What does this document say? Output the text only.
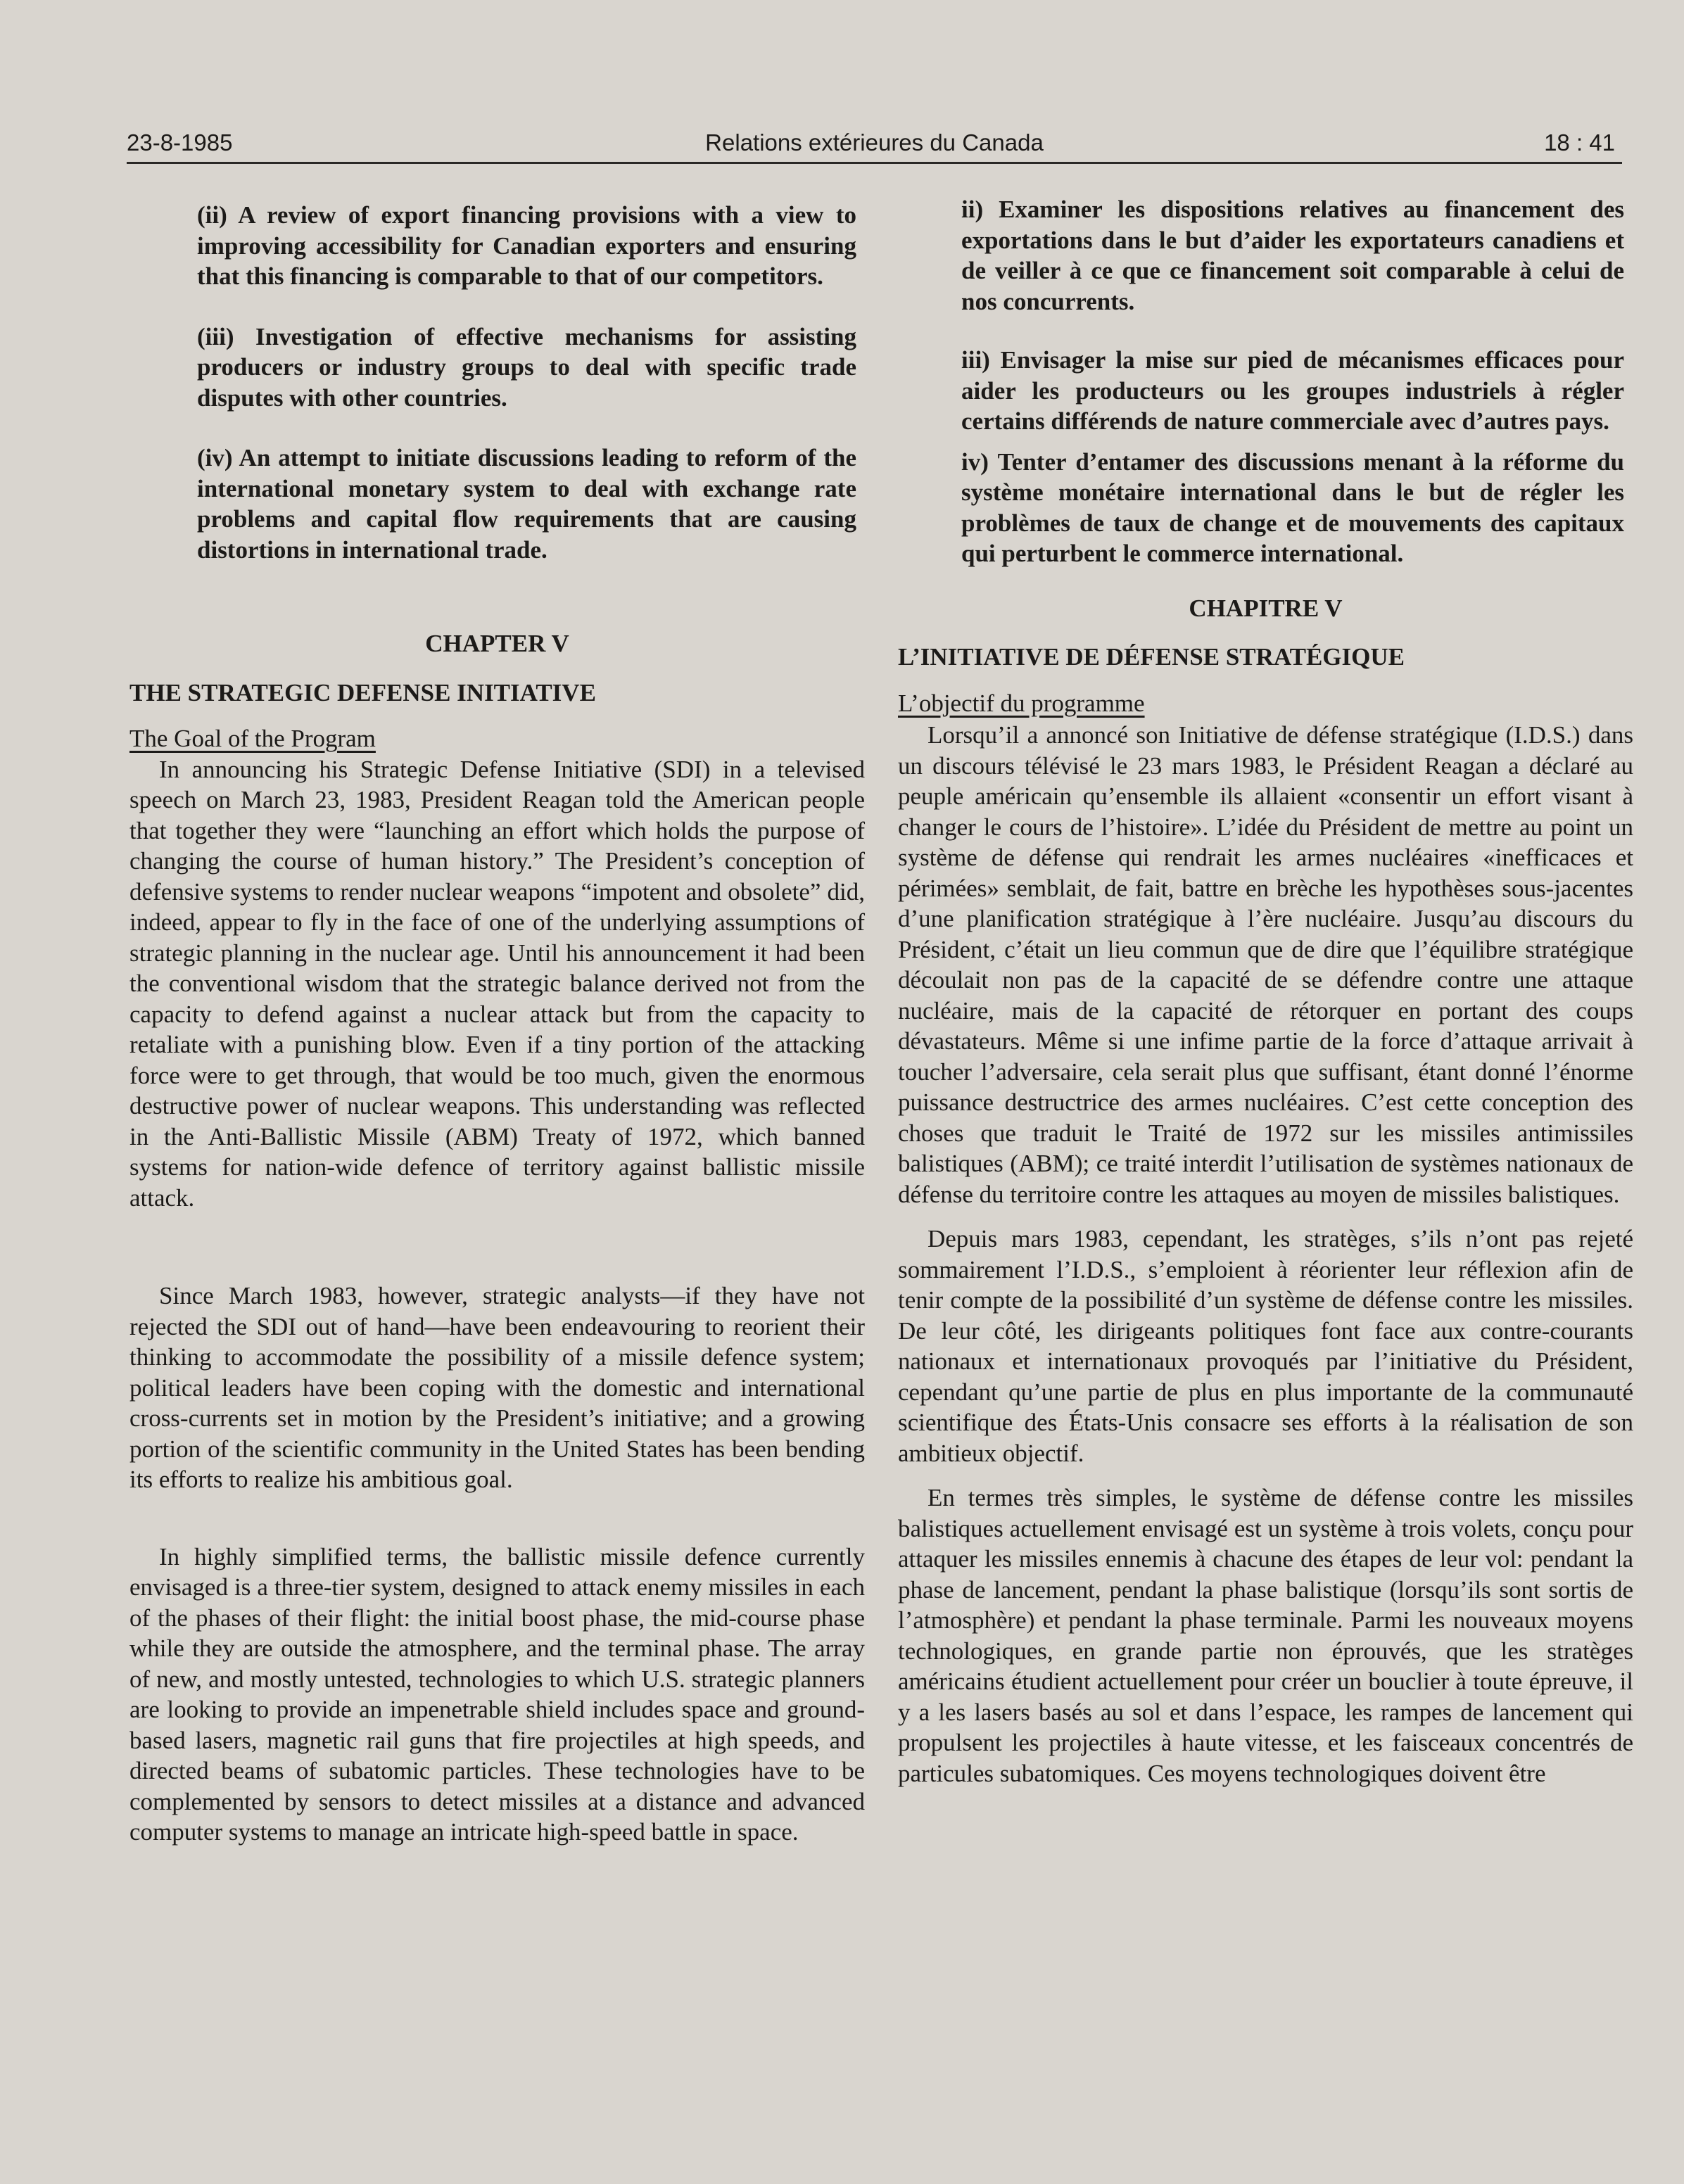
23-8-1985	Relations extérieures du Canada	18 : 41
(ii) A review of export financing provisions with a view to improving accessibility for Canadian exporters and ensuring that this financing is comparable to that of our competitors.
(iii) Investigation of effective mechanisms for assisting producers or industry groups to deal with specific trade disputes with other countries.
(iv) An attempt to initiate discussions leading to reform of the international monetary system to deal with exchange rate problems and capital flow requirements that are causing distortions in international trade.
CHAPTER V
THE STRATEGIC DEFENSE INITIATIVE
The Goal of the Program

In announcing his Strategic Defense Initiative (SDI) in a televised speech on March 23, 1983, President Reagan told the American people that together they were “launching an effort which holds the purpose of changing the course of human history.” The President’s conception of defensive systems to render nuclear weapons “impotent and obsolete” did, indeed, appear to fly in the face of one of the underlying assumptions of strategic planning in the nuclear age. Until his announcement it had been the conventional wisdom that the strategic balance derived not from the capacity to defend against a nuclear attack but from the capacity to retaliate with a punishing blow. Even if a tiny portion of the attacking force were to get through, that would be too much, given the enormous destructive power of nuclear weapons. This understanding was reflected in the Anti-Ballistic Missile (ABM) Treaty of 1972, which banned systems for nation-wide defence of territory against ballistic missile attack.

Since March 1983, however, strategic analysts—if they have not rejected the SDI out of hand—have been endeavouring to reorient their thinking to accommodate the possibility of a missile defence system; political leaders have been coping with the domestic and international cross-currents set in motion by the President’s initiative; and a growing portion of the scientific community in the United States has been bending its efforts to realize his ambitious goal.

In highly simplified terms, the ballistic missile defence currently envisaged is a three-tier system, designed to attack enemy missiles in each of the phases of their flight: the initial boost phase, the mid-course phase while they are outside the atmosphere, and the terminal phase. The array of new, and mostly untested, technologies to which U.S. strategic planners are looking to provide an impenetrable shield includes space and ground-based lasers, magnetic rail guns that fire projectiles at high speeds, and directed beams of subatomic particles. These technologies have to be complemented by sensors to detect missiles at a distance and advanced computer systems to manage an intricate high-speed battle in space.

ii) Examiner les dispositions relatives au financement des exportations dans le but d’aider les exportateurs canadiens et de veiller à ce que ce financement soit comparable à celui de nos concurrents.
iii) Envisager la mise sur pied de mécanismes efficaces pour aider les producteurs ou les groupes industriels à régler certains différends de nature commerciale avec d’autres pays.
iv) Tenter d’entamer des discussions menant à la réforme du système monétaire international dans le but de régler les problèmes de taux de change et de mouvements des capitaux qui perturbent le commerce international.
CHAPITRE V
L’INITIATIVE DE DÉFENSE STRATÉGIQUE
L’objectif du programme

Lorsqu’il a annoncé son Initiative de défense stratégique (I.D.S.) dans un discours télévisé le 23 mars 1983, le Président Reagan a déclaré au peuple américain qu’ensemble ils allaient «consentir un effort visant à changer le cours de l’histoire». L’idée du Président de mettre au point un système de défense qui rendrait les armes nucléaires «inefficaces et périmées» semblait, de fait, battre en brèche les hypothèses sous-jacentes d’une planification stratégique à l’ère nucléaire. Jusqu’au discours du Président, c’était un lieu commun que de dire que l’équilibre stratégique découlait non pas de la capacité de se défendre contre une attaque nucléaire, mais de la capacité de rétorquer en portant des coups dévastateurs. Même si une infime partie de la force d’attaque arrivait à toucher l’adversaire, cela serait plus que suffisant, étant donné l’énorme puissance destructrice des armes nucléaires. C’est cette conception des choses que traduit le Traité de 1972 sur les missiles antimissiles balistiques (ABM); ce traité interdit l’utilisation de systèmes nationaux de défense du territoire contre les attaques au moyen de missiles balistiques.

Depuis mars 1983, cependant, les stratèges, s’ils n’ont pas rejeté sommairement l’I.D.S., s’emploient à réorienter leur réflexion afin de tenir compte de la possibilité d’un système de défense contre les missiles. De leur côté, les dirigeants politiques font face aux contre-courants nationaux et internationaux provoqués par l’initiative du Président, cependant qu’une partie de plus en plus importante de la communauté scientifique des États-Unis consacre ses efforts à la réalisation de son ambitieux objectif.

En termes très simples, le système de défense contre les missiles balistiques actuellement envisagé est un système à trois volets, conçu pour attaquer les missiles ennemis à chacune des étapes de leur vol: pendant la phase de lancement, pendant la phase balistique (lorsqu’ils sont sortis de l’atmosphère) et pendant la phase terminale. Parmi les nouveaux moyens technologiques, en grande partie non éprouvés, que les stratèges américains étudient actuellement pour créer un bouclier à toute épreuve, il y a les lasers basés au sol et dans l’espace, les rampes de lancement qui propulsent les projectiles à haute vitesse, et les faisceaux concentrés de particules subatomiques. Ces moyens technologiques doivent être
